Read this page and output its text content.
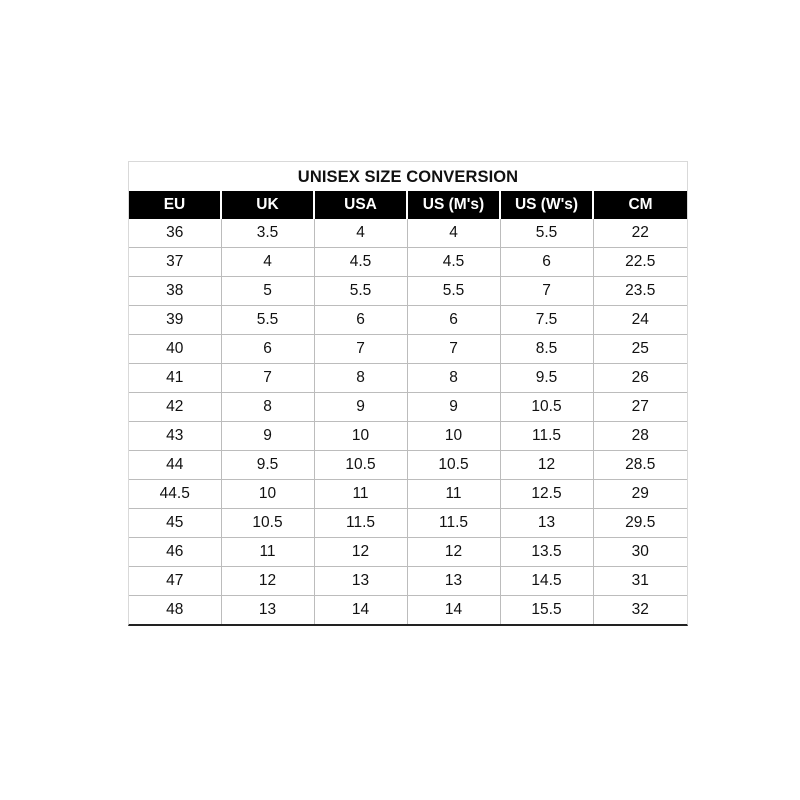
UNISEX SIZE CONVERSION
EU	UK	USA	US (M's)	US (W's)	CM
36	3.5	4	4	5.5	22
37	4	4.5	4.5	6	22.5
38	5	5.5	5.5	7	23.5
39	5.5	6	6	7.5	24
40	6	7	7	8.5	25
41	7	8	8	9.5	26
42	8	9	9	10.5	27
43	9	10	10	11.5	28
44	9.5	10.5	10.5	12	28.5
44.5	10	11	11	12.5	29
45	10.5	11.5	11.5	13	29.5
46	11	12	12	13.5	30
47	12	13	13	14.5	31
48	13	14	14	15.5	32
